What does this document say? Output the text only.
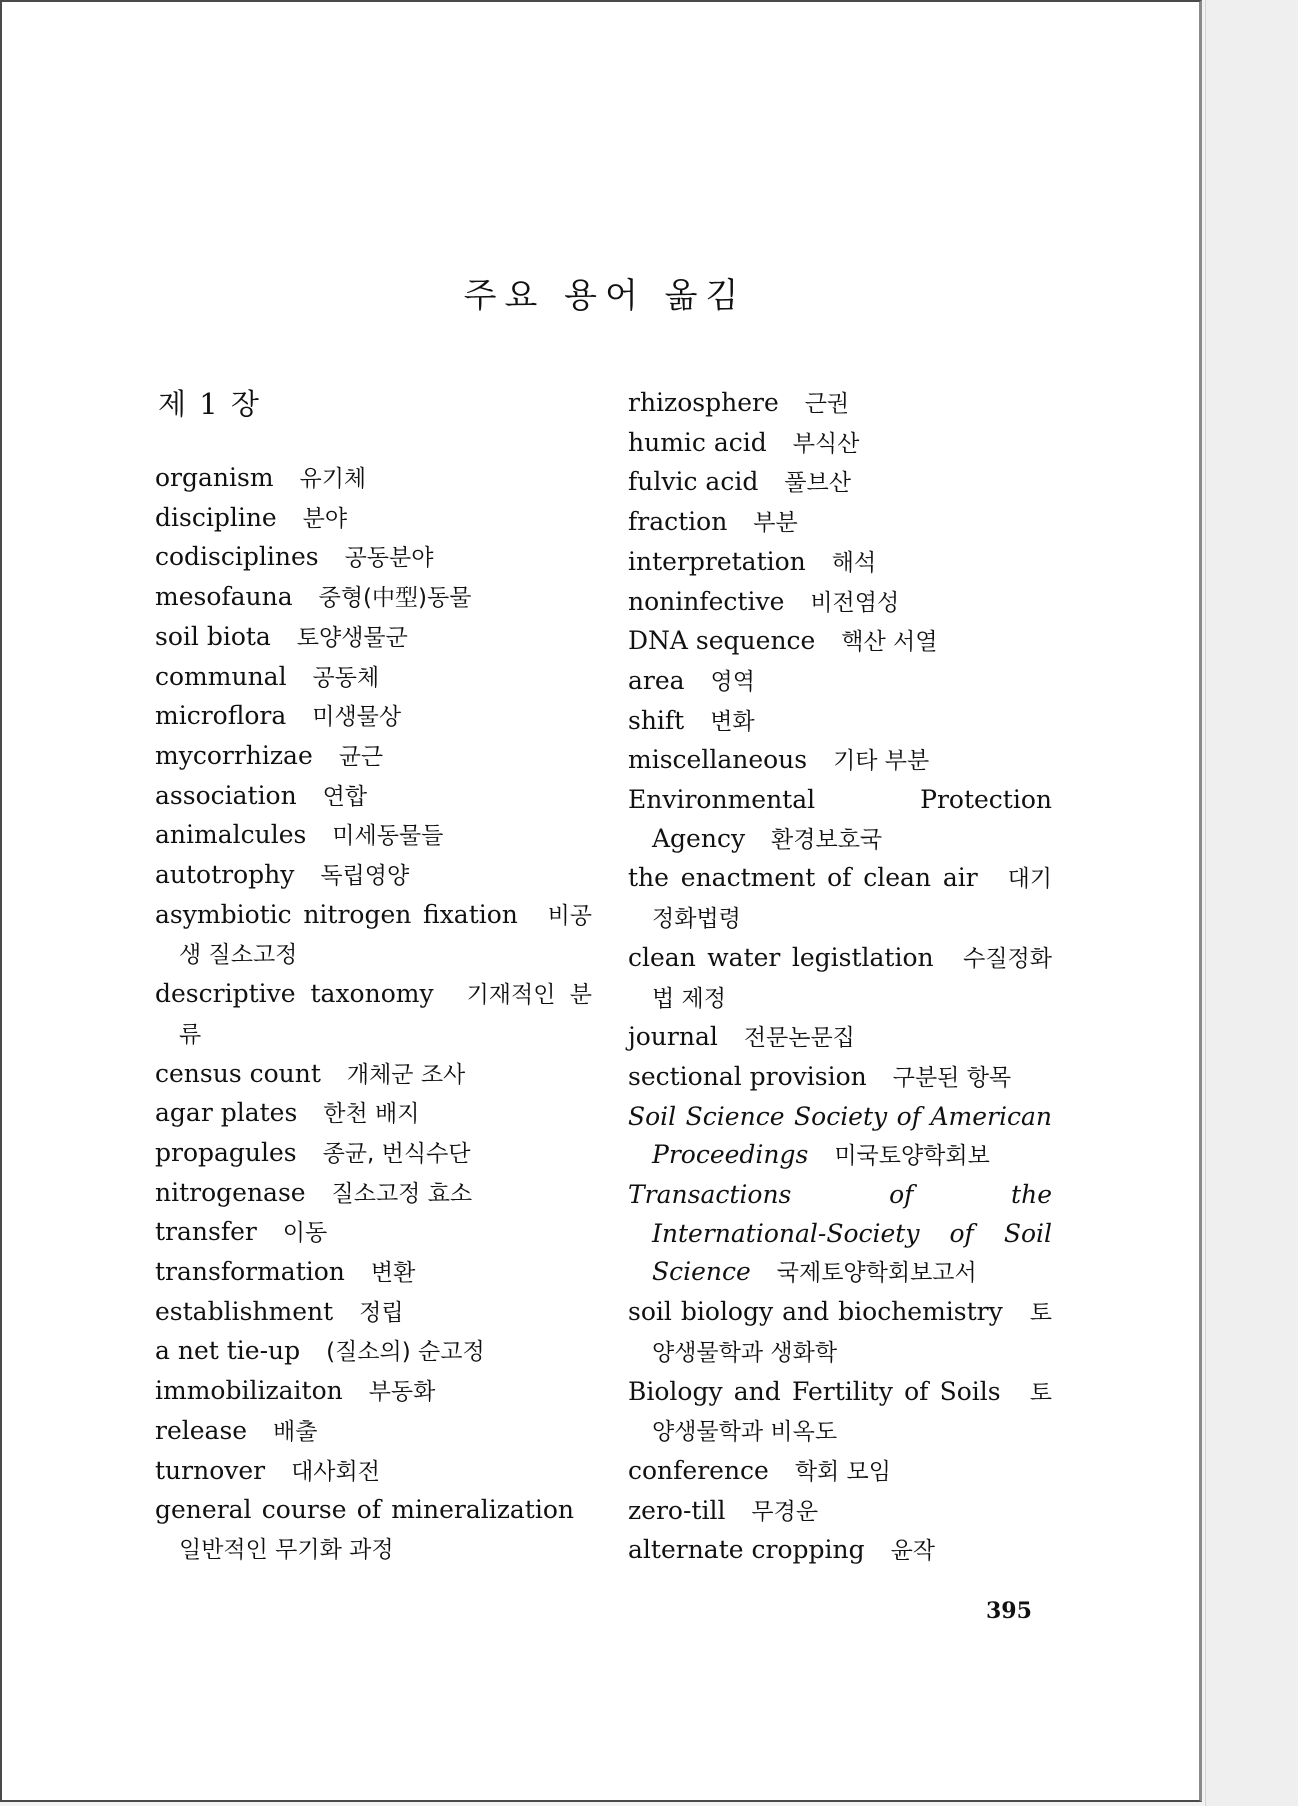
주요 용어 옮김
제 1 장
organism 유기체
discipline 분야
codisciplines 공동분야
mesofauna 중형(中型)동물
soil biota 토양생물군
communal 공동체
microflora 미생물상
mycorrhizae 균근
association 연합
animalcules 미세동물들
autotrophy 독립영양
asymbiotic nitrogen fixation 비공생 질소고정
descriptive taxonomy 기재적인 분류
census count 개체군 조사
agar plates 한천 배지
propagules 종균, 번식수단
nitrogenase 질소고정 효소
transfer 이동
transformation 변환
establishment 정립
a net tie-up (질소의) 순고정
immobilizaiton 부동화
release 배출
turnover 대사회전
general course of mineralization 일반적인 무기화 과정
rhizosphere 근권
humic acid 부식산
fulvic acid 풀브산
fraction 부분
interpretation 해석
noninfective 비전염성
DNA sequence 핵산 서열
area 영역
shift 변화
miscellaneous 기타 부분
Environmental Protection Agency 환경보호국
the enactment of clean air 대기 정화법령
clean water legistlation 수질정화법 제정
journal 전문논문집
sectional provision 구분된 항목
Soil Science Society of American Proceedings 미국토양학회보
Transactions of the International-Society of Soil Science 국제토양학회보고서
soil biology and biochemistry 토양생물학과 생화학
Biology and Fertility of Soils 토양생물학과 비옥도
conference 학회 모임
zero-till 무경운
alternate cropping 윤작
395
